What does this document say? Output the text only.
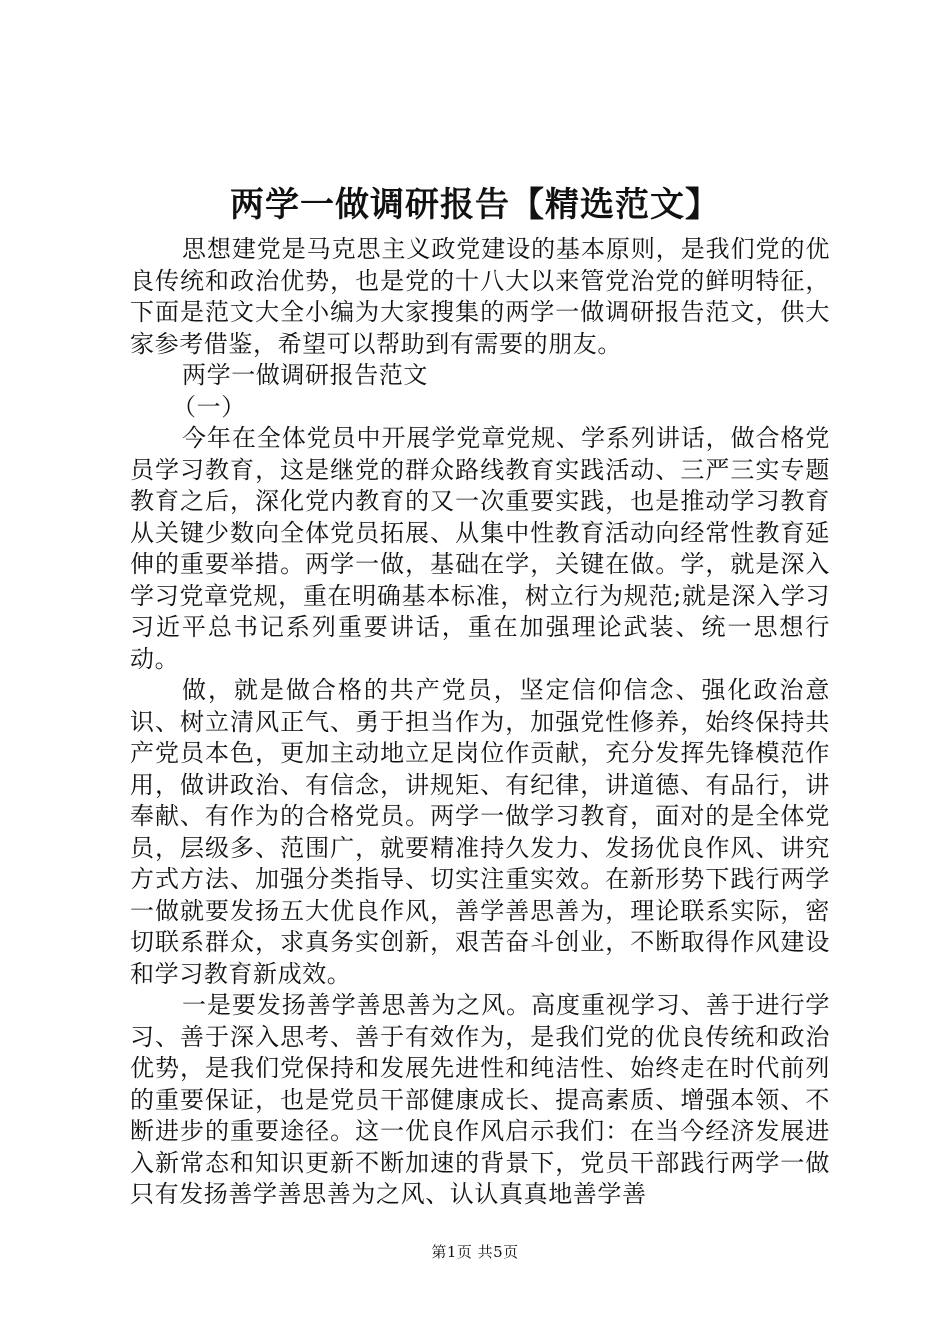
两学一做调研报告【精选范文】

思想建党是马克思主义政党建设的基本原则，是我们党的优良传统和政治优势，也是党的十八大以来管党治党的鲜明特征，下面是范文大全小编为大家搜集的两学一做调研报告范文，供大家参考借鉴，希望可以帮助到有需要的朋友。

两学一做调研报告范文

（一）

今年在全体党员中开展学党章党规、学系列讲话，做合格党员学习教育，这是继党的群众路线教育实践活动、三严三实专题教育之后，深化党内教育的又一次重要实践，也是推动学习教育从关键少数向全体党员拓展、从集中性教育活动向经常性教育延伸的重要举措。两学一做，基础在学，关键在做。学，就是深入学习党章党规，重在明确基本标准，树立行为规范;就是深入学习习近平总书记系列重要讲话，重在加强理论武装、统一思想行动。

做，就是做合格的共产党员，坚定信仰信念、强化政治意识、树立清风正气、勇于担当作为，加强党性修养，始终保持共产党员本色，更加主动地立足岗位作贡献，充分发挥先锋模范作用，做讲政治、有信念，讲规矩、有纪律，讲道德、有品行，讲奉献、有作为的合格党员。两学一做学习教育，面对的是全体党员，层级多、范围广，就要精准持久发力、发扬优良作风、讲究方式方法、加强分类指导、切实注重实效。在新形势下践行两学一做就要发扬五大优良作风，善学善思善为，理论联系实际，密切联系群众，求真务实创新，艰苦奋斗创业，不断取得作风建设和学习教育新成效。

一是要发扬善学善思善为之风。高度重视学习、善于进行学习、善于深入思考、善于有效作为，是我们党的优良传统和政治优势，是我们党保持和发展先进性和纯洁性、始终走在时代前列的重要保证，也是党员干部健康成长、提高素质、增强本领、不断进步的重要途径。这一优良作风启示我们：在当今经济发展进入新常态和知识更新不断加速的背景下，党员干部践行两学一做只有发扬善学善思善为之风、认认真真地善学善

第1页 共5页
